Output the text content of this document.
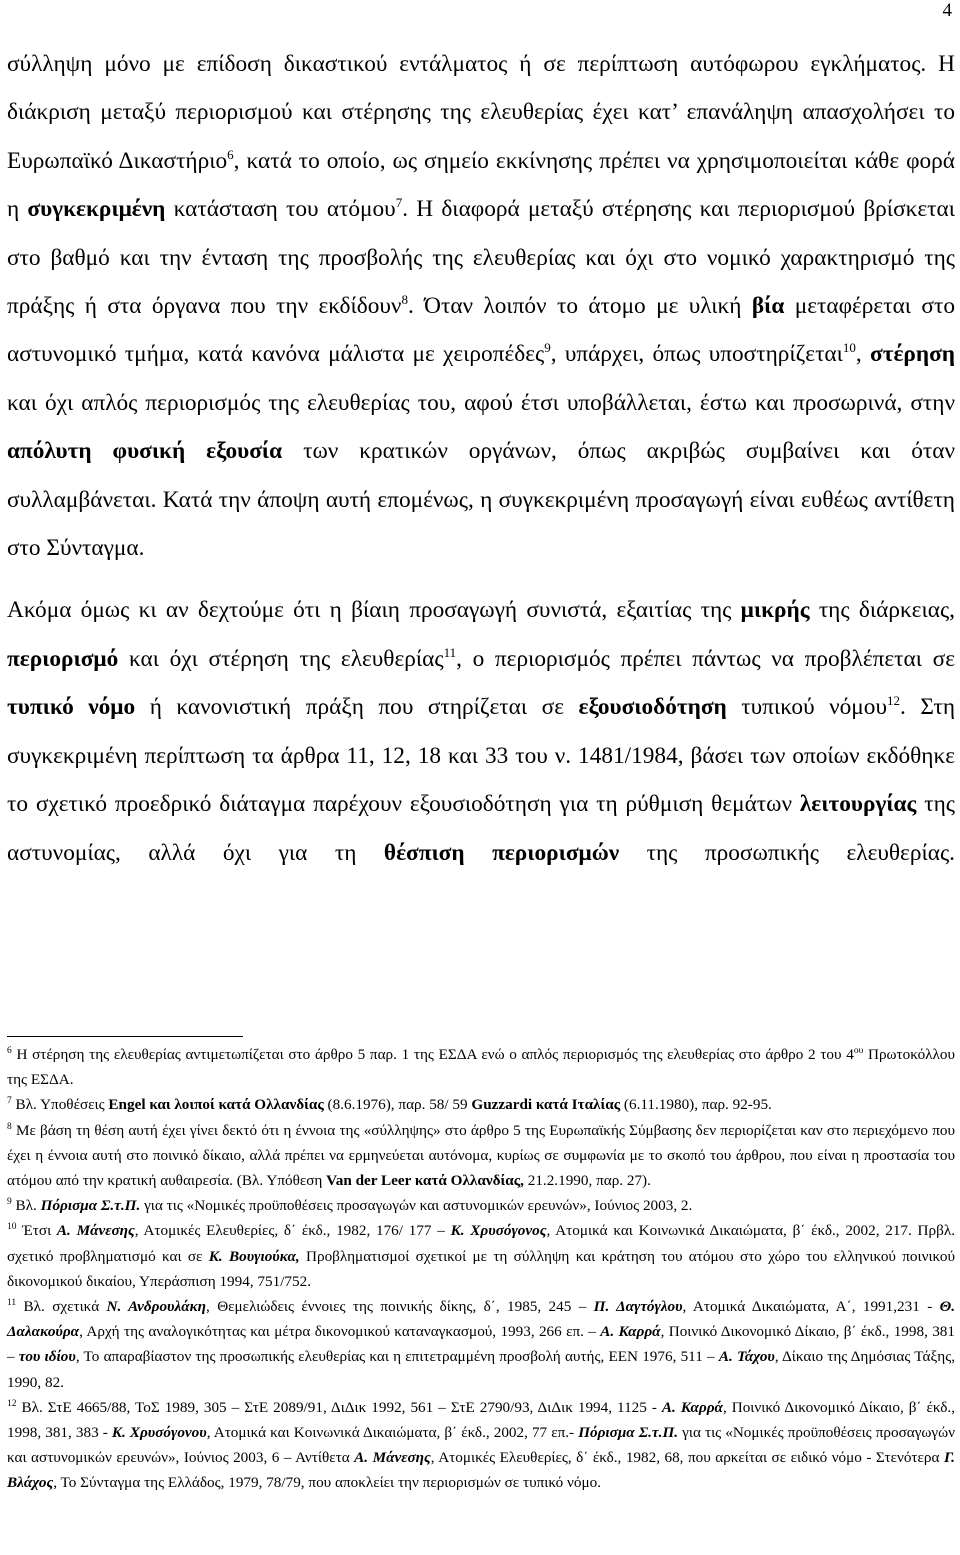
4

σύλληψη μόνο με επίδοση δικαστικού εντάλματος ή σε περίπτωση αυτόφωρου εγκλήματος. Η διάκριση μεταξύ περιορισμού και στέρησης της ελευθερίας έχει κατ’ επανάληψη απασχολήσει το Ευρωπαϊκό Δικαστήριο$^6$, κατά το οποίο, ως σημείο εκκίνησης πρέπει να χρησιμοποιείται κάθε φορά η συγκεκριμένη κατάσταση του ατόμου$^7$. Η διαφορά μεταξύ στέρησης και περιορισμού βρίσκεται στο βαθμό και την ένταση της προσβολής της ελευθερίας και όχι στο νομικό χαρακτηρισμό της πράξης ή στα όργανα που την εκδίδουν$^8$. Όταν λοιπόν το άτομο με υλική βία μεταφέρεται στο αστυνομικό τμήμα, κατά κανόνα μάλιστα με χειροπέδες$^9$, υπάρχει, όπως υποστηρίζεται$^{10}$, στέρηση και όχι απλός περιορισμός της ελευθερίας του, αφού έτσι υποβάλλεται, έστω και προσωρινά, στην απόλυτη φυσική εξουσία των κρατικών οργάνων, όπως ακριβώς συμβαίνει και όταν συλλαμβάνεται. Κατά την άποψη αυτή επομένως, η συγκεκριμένη προσαγωγή είναι ευθέως αντίθετη στο Σύνταγμα.

Ακόμα όμως κι αν δεχτούμε ότι η βίαιη προσαγωγή συνιστά, εξαιτίας της μικρής της διάρκειας, περιορισμό και όχι στέρηση της ελευθερίας$^{11}$, ο περιορισμός πρέπει πάντως να προβλέπεται σε τυπικό νόμο ή κανονιστική πράξη που στηρίζεται σε εξουσιοδότηση τυπικού νόμου$^{12}$. Στη συγκεκριμένη περίπτωση τα άρθρα 11, 12, 18 και 33 του ν. 1481/1984, βάσει των οποίων εκδόθηκε το σχετικό προεδρικό διάταγμα παρέχουν εξουσιοδότηση για τη ρύθμιση θεμάτων λειτουργίας της αστυνομίας, αλλά όχι για τη θέσπιση περιορισμών της προσωπικής ελευθερίας.

$^6$ Η στέρηση της ελευθερίας αντιμετωπίζεται στο άρθρο 5 παρ. 1 της ΕΣΔΑ ενώ ο απλός περιορισμός της ελευθερίας στο άρθρο 2 του $4^{o\upsilon}$ Πρωτοκόλλου της ΕΣΔΑ.

$^7$ Βλ. Υποθέσεις Engel και λοιποί κατά Ολλανδίας (8.6.1976), παρ. 58/ 59 Guzzardi κατά Ιταλίας (6.11.1980), παρ. 92-95.

$^8$ Με βάση τη θέση αυτή έχει γίνει δεκτό ότι η έννοια της «σύλληψης» στο άρθρο 5 της Ευρωπαϊκής Σύμβασης δεν περιορίζεται καν στο περιεχόμενο που έχει η έννοια αυτή στο ποινικό δίκαιο, αλλά πρέπει να ερμηνεύεται αυτόνομα, κυρίως σε συμφωνία με το σκοπό του άρθρου, που είναι η προστασία του ατόμου από την κρατική αυθαιρεσία. (Βλ. Υπόθεση Van der Leer κατά Ολλανδίας, 21.2.1990, παρ. 27).

$^9$ Βλ. Πόρισμα Σ.τ.Π. για τις «Νομικές προϋποθέσεις προσαγωγών και αστυνομικών ερευνών», Ιούνιος 2003, 2.

$^{10}$ Έτσι Α. Μάνεσης, Ατομικές Ελευθερίες, δ΄ έκδ., 1982, 176/ 177 – Κ. Χρυσόγονος, Ατομικά και Κοινωνικά Δικαιώματα, β΄ έκδ., 2002, 217. Πρβλ. σχετικό προβληματισμό και σε Κ. Βουγιούκα, Προβληματισμοί σχετικοί με τη σύλληψη και κράτηση του ατόμου στο χώρο του ελληνικού ποινικού δικονομικού δικαίου, Υπεράσπιση 1994, 751/752.

$^{11}$ Βλ. σχετικά Ν. Ανδρουλάκη, Θεμελιώδεις έννοιες της ποινικής δίκης, δ΄, 1985, 245 – Π. Δαγτόγλου, Ατομικά Δικαιώματα, Α΄, 1991,231 - Θ. Δαλακούρα, Αρχή της αναλογικότητας και μέτρα δικονομικού καταναγκασμού, 1993, 266 επ. – Α. Καρρά, Ποινικό Δικονομικό Δίκαιο, β΄ έκδ., 1998, 381 – του ιδίου, Το απαραβίαστον της προσωπικής ελευθερίας και η επιτετραμμένη προσβολή αυτής, ΕΕΝ 1976, 511 – Α. Τάχου, Δίκαιο της Δημόσιας Τάξης, 1990, 82.

$^{12}$ Βλ. ΣτΕ 4665/88, ΤοΣ 1989, 305 – ΣτΕ 2089/91, ΔιΔικ 1992, 561 – ΣτΕ 2790/93, ΔιΔικ 1994, 1125 - Α. Καρρά, Ποινικό Δικονομικό Δίκαιο, β΄ έκδ., 1998, 381, 383 - Κ. Χρυσόγονου, Ατομικά και Κοινωνικά Δικαιώματα, β΄ έκδ., 2002, 77 επ.- Πόρισμα Σ.τ.Π. για τις «Νομικές προϋποθέσεις προσαγωγών και αστυνομικών ερευνών», Ιούνιος 2003, 6 – Αντίθετα Α. Μάνεσης, Ατομικές Ελευθερίες, δ΄ έκδ., 1982, 68, που αρκείται σε ειδικό νόμο - Στενότερα Γ. Βλάχος, Το Σύνταγμα της Ελλάδος, 1979, 78/79, που αποκλείει την περιορισμών σε τυπικό νόμο.
